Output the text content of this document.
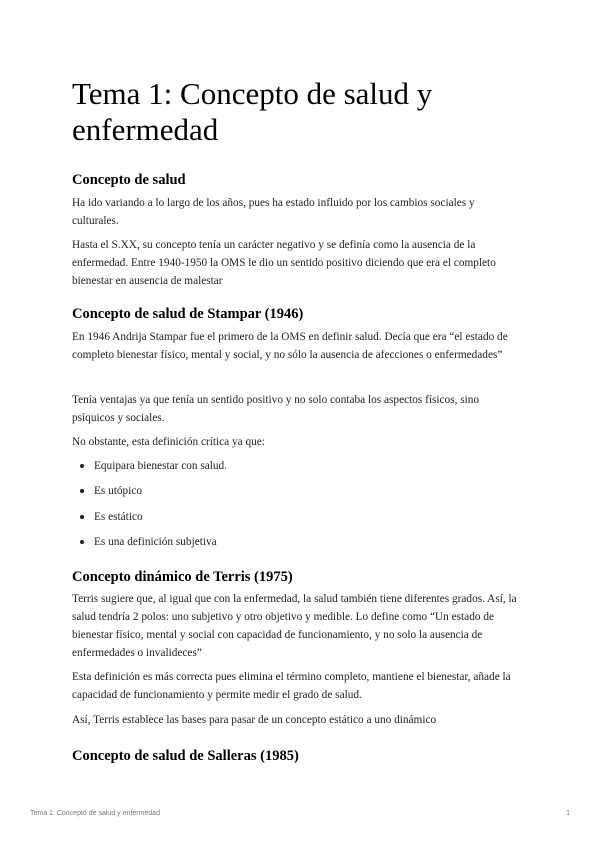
Tema 1: Concepto de salud y enfermedad
Concepto de salud

Ha ido variando a lo largo de los años, pues ha estado influido por los cambios sociales y culturales.

Hasta el S.XX, su concepto tenía un carácter negativo y se definía como la ausencia de la enfermedad. Entre 1940-1950 la OMS le dio un sentido positivo diciendo que era el completo bienestar en ausencia de malestar

Concepto de salud de Stampar (1946)

En 1946 Andrija Stampar fue el primero de la OMS en definir salud. Decía que era “el estado de completo bienestar físico, mental y social, y no sólo la ausencia de afecciones o enfermedades”

Tenía ventajas ya que tenía un sentido positivo y no solo contaba los aspectos físicos, sino psíquicos y sociales.

No obstante, esta definición crítica ya que:

Equipara bienestar con salud.
Es utópico
Es estático
Es una definición subjetiva
Concepto dinámico de Terris (1975)

Terris sugiere que, al igual que con la enfermedad, la salud también tiene diferentes grados. Así, la salud tendría 2 polos: uno subjetivo y otro objetivo y medible. Lo define como “Un estado de bienestar físico, mental y social con capacidad de funcionamiento, y no solo la ausencia de enfermedades o invalideces”

Esta definición es más correcta pues elimina el término completo, mantiene el bienestar, añade la capacidad de funcionamiento y permite medir el grado de salud.

Así, Terris establece las bases para pasar de un concepto estático a uno dinámico

Concepto de salud de Salleras (1985)
Tema 1: Concepto de salud y enfermedad	1
